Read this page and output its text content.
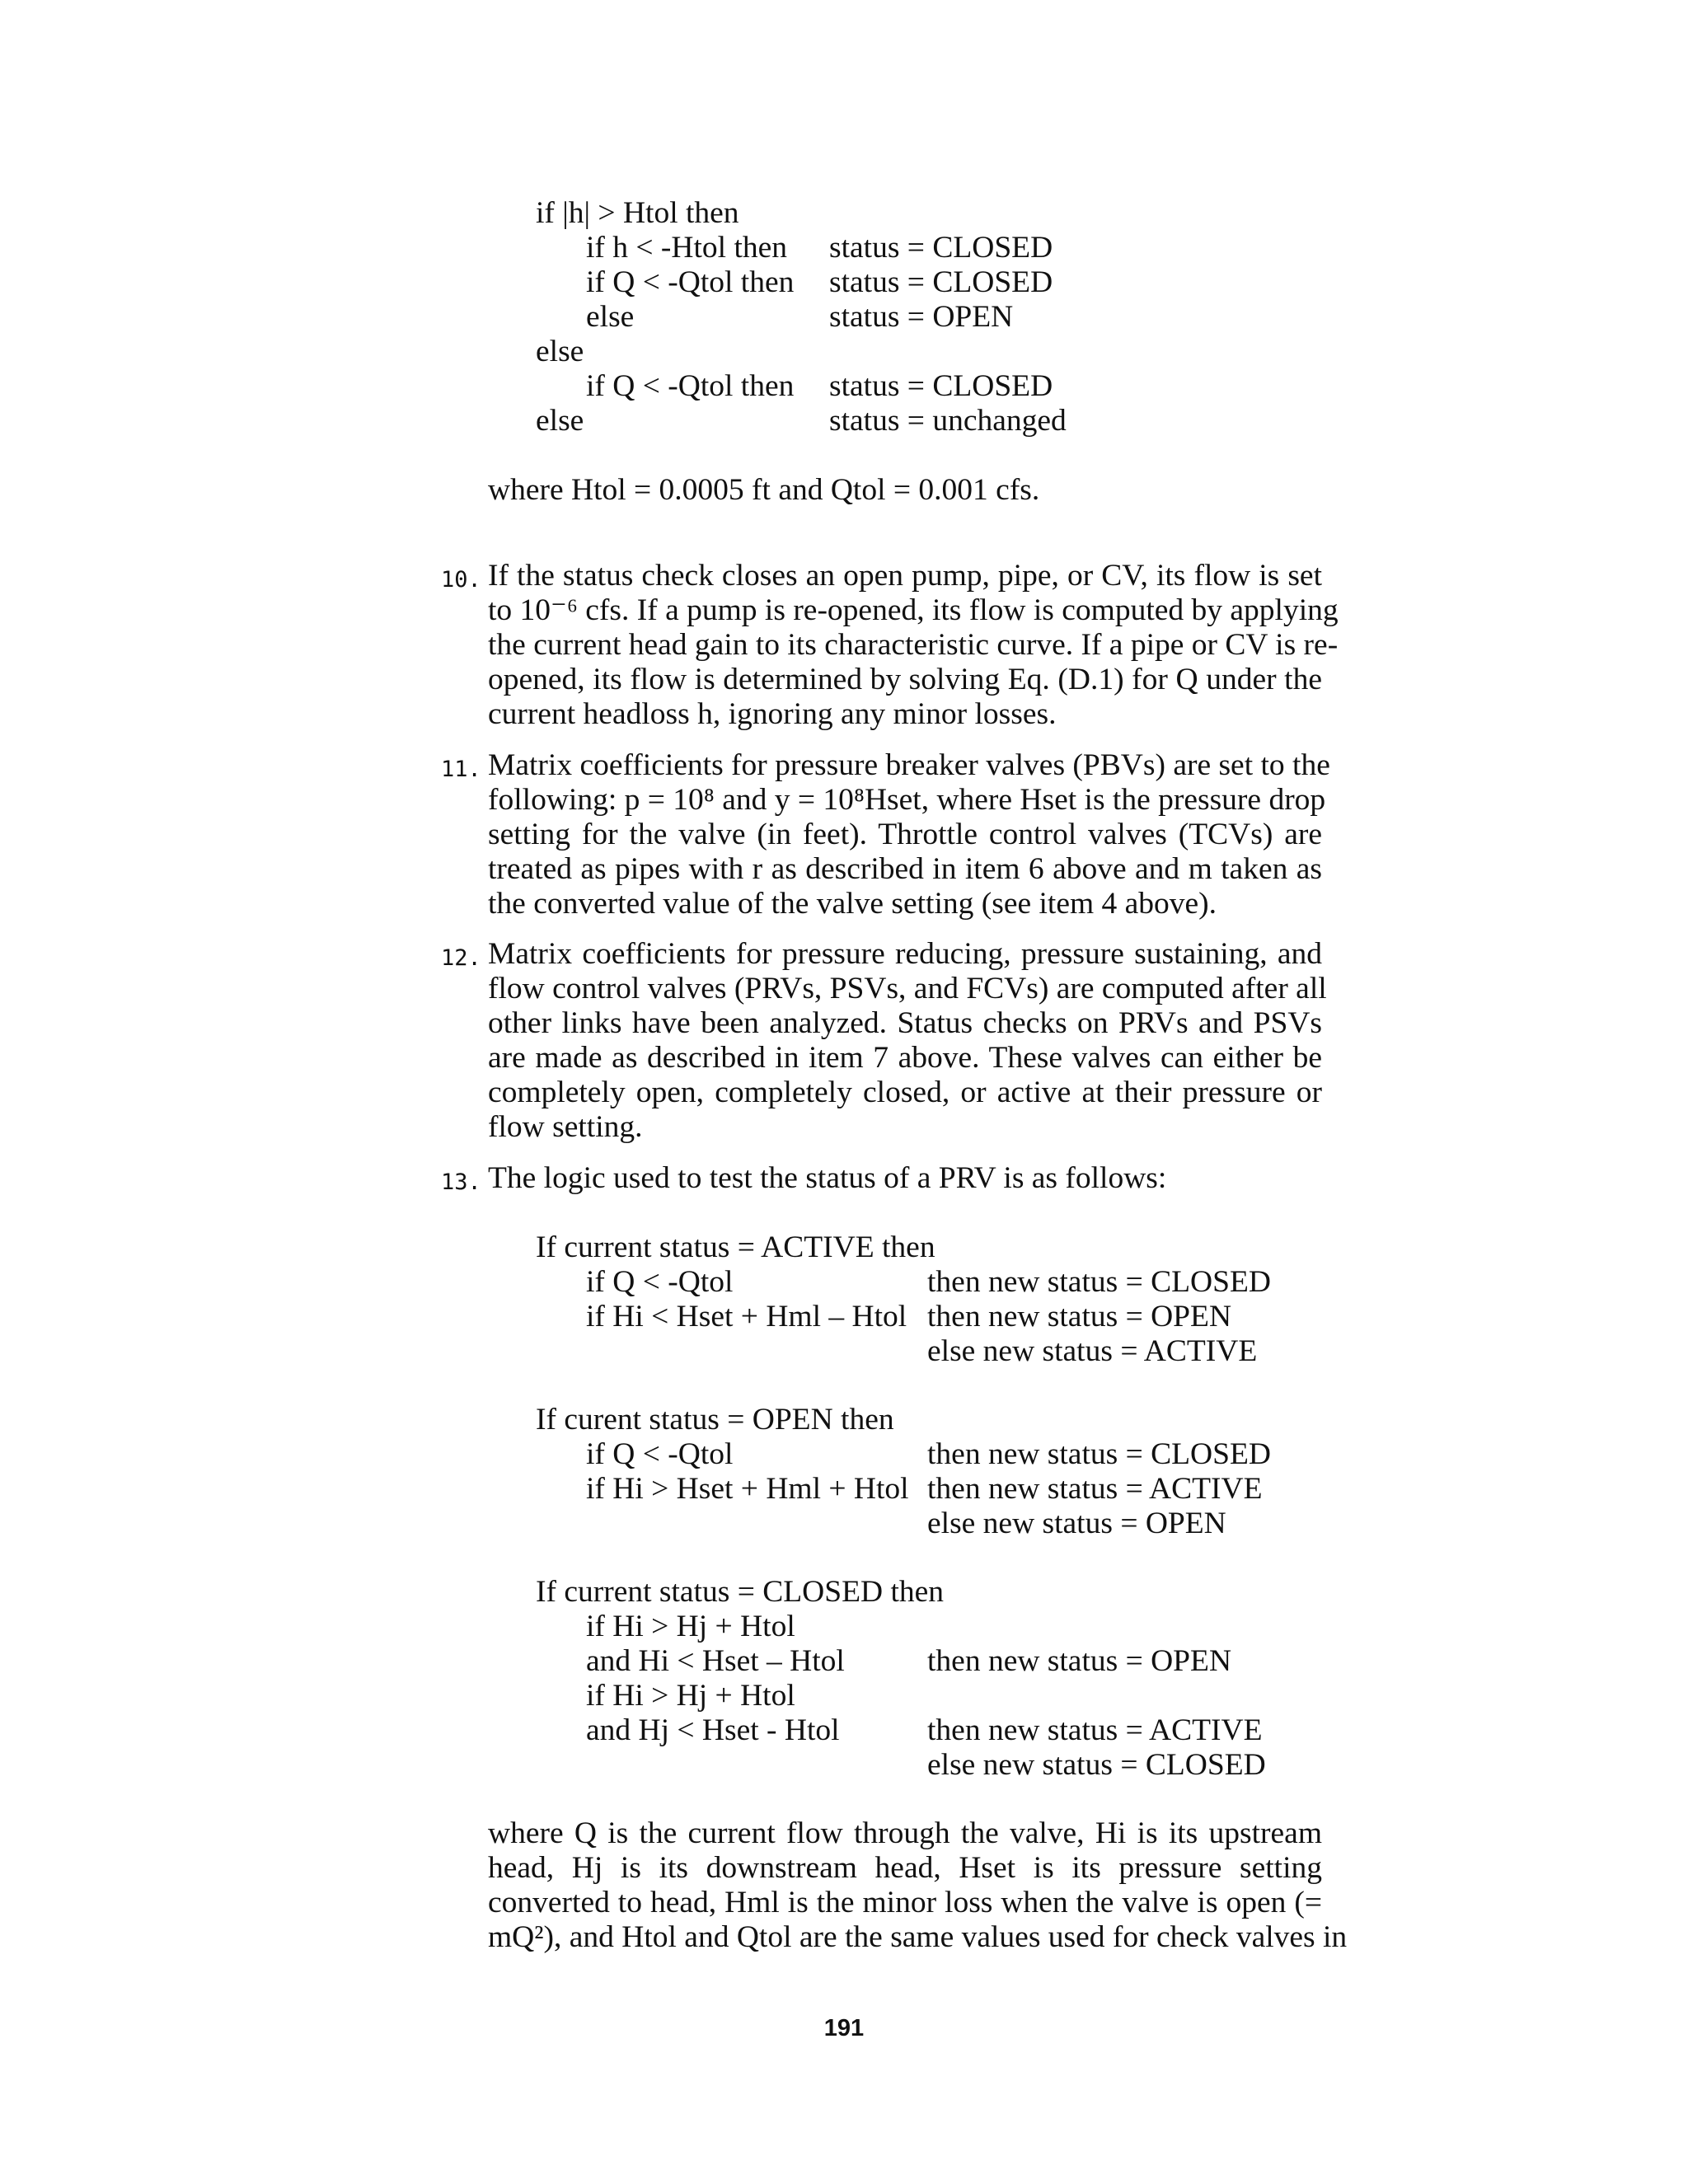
if |h| > Htol then
if h < -Htol then status = CLOSED
if Q < -Qtol then status = CLOSED
else	status = OPEN
else
if Q < -Qtol then status = CLOSED
else	status = unchanged
where Htol = 0.0005 ft and Qtol = 0.001 cfs.
10. If the status check closes an open pump, pipe, or CV, its flow is set
to 10⁻⁶ cfs. If a pump is re-opened, its flow is computed by applying
the current head gain to its characteristic curve. If a pipe or CV is re-
opened, its flow is determined by solving Eq. (D.1) for Q under the
current headloss h, ignoring any minor losses.
11. Matrix coefficients for pressure breaker valves (PBVs) are set to the
following: p = 10⁸ and y = 10⁸Hset, where Hset is the pressure drop
setting for the valve (in feet). Throttle control valves (TCVs) are
treated as pipes with r as described in item 6 above and m taken as
the converted value of the valve setting (see item 4 above).
12. Matrix coefficients for pressure reducing, pressure sustaining, and
flow control valves (PRVs, PSVs, and FCVs) are computed after all
other links have been analyzed. Status checks on PRVs and PSVs
are made as described in item 7 above. These valves can either be
completely open, completely closed, or active at their pressure or
flow setting.
13. The logic used to test the status of a PRV is as follows:
If current status = ACTIVE then
if Q < -Qtol	then new status = CLOSED
if Hi < Hset + Hml – Htol then new status = OPEN
else new status = ACTIVE
If curent status = OPEN then
if Q < -Qtol	then new status = CLOSED
if Hi > Hset + Hml + Htol then new status = ACTIVE
else new status = OPEN
If current status = CLOSED then
if Hi > Hj + Htol
and Hi < Hset – Htol	then new status = OPEN
if Hi > Hj + Htol
and Hj < Hset - Htol	then new status = ACTIVE
else new status = CLOSED
where Q is the current flow through the valve, Hi is its upstream
head, Hj is its downstream head, Hset is its pressure setting
converted to head, Hml is the minor loss when the valve is open (=
mQ²), and Htol and Qtol are the same values used for check valves in
191
